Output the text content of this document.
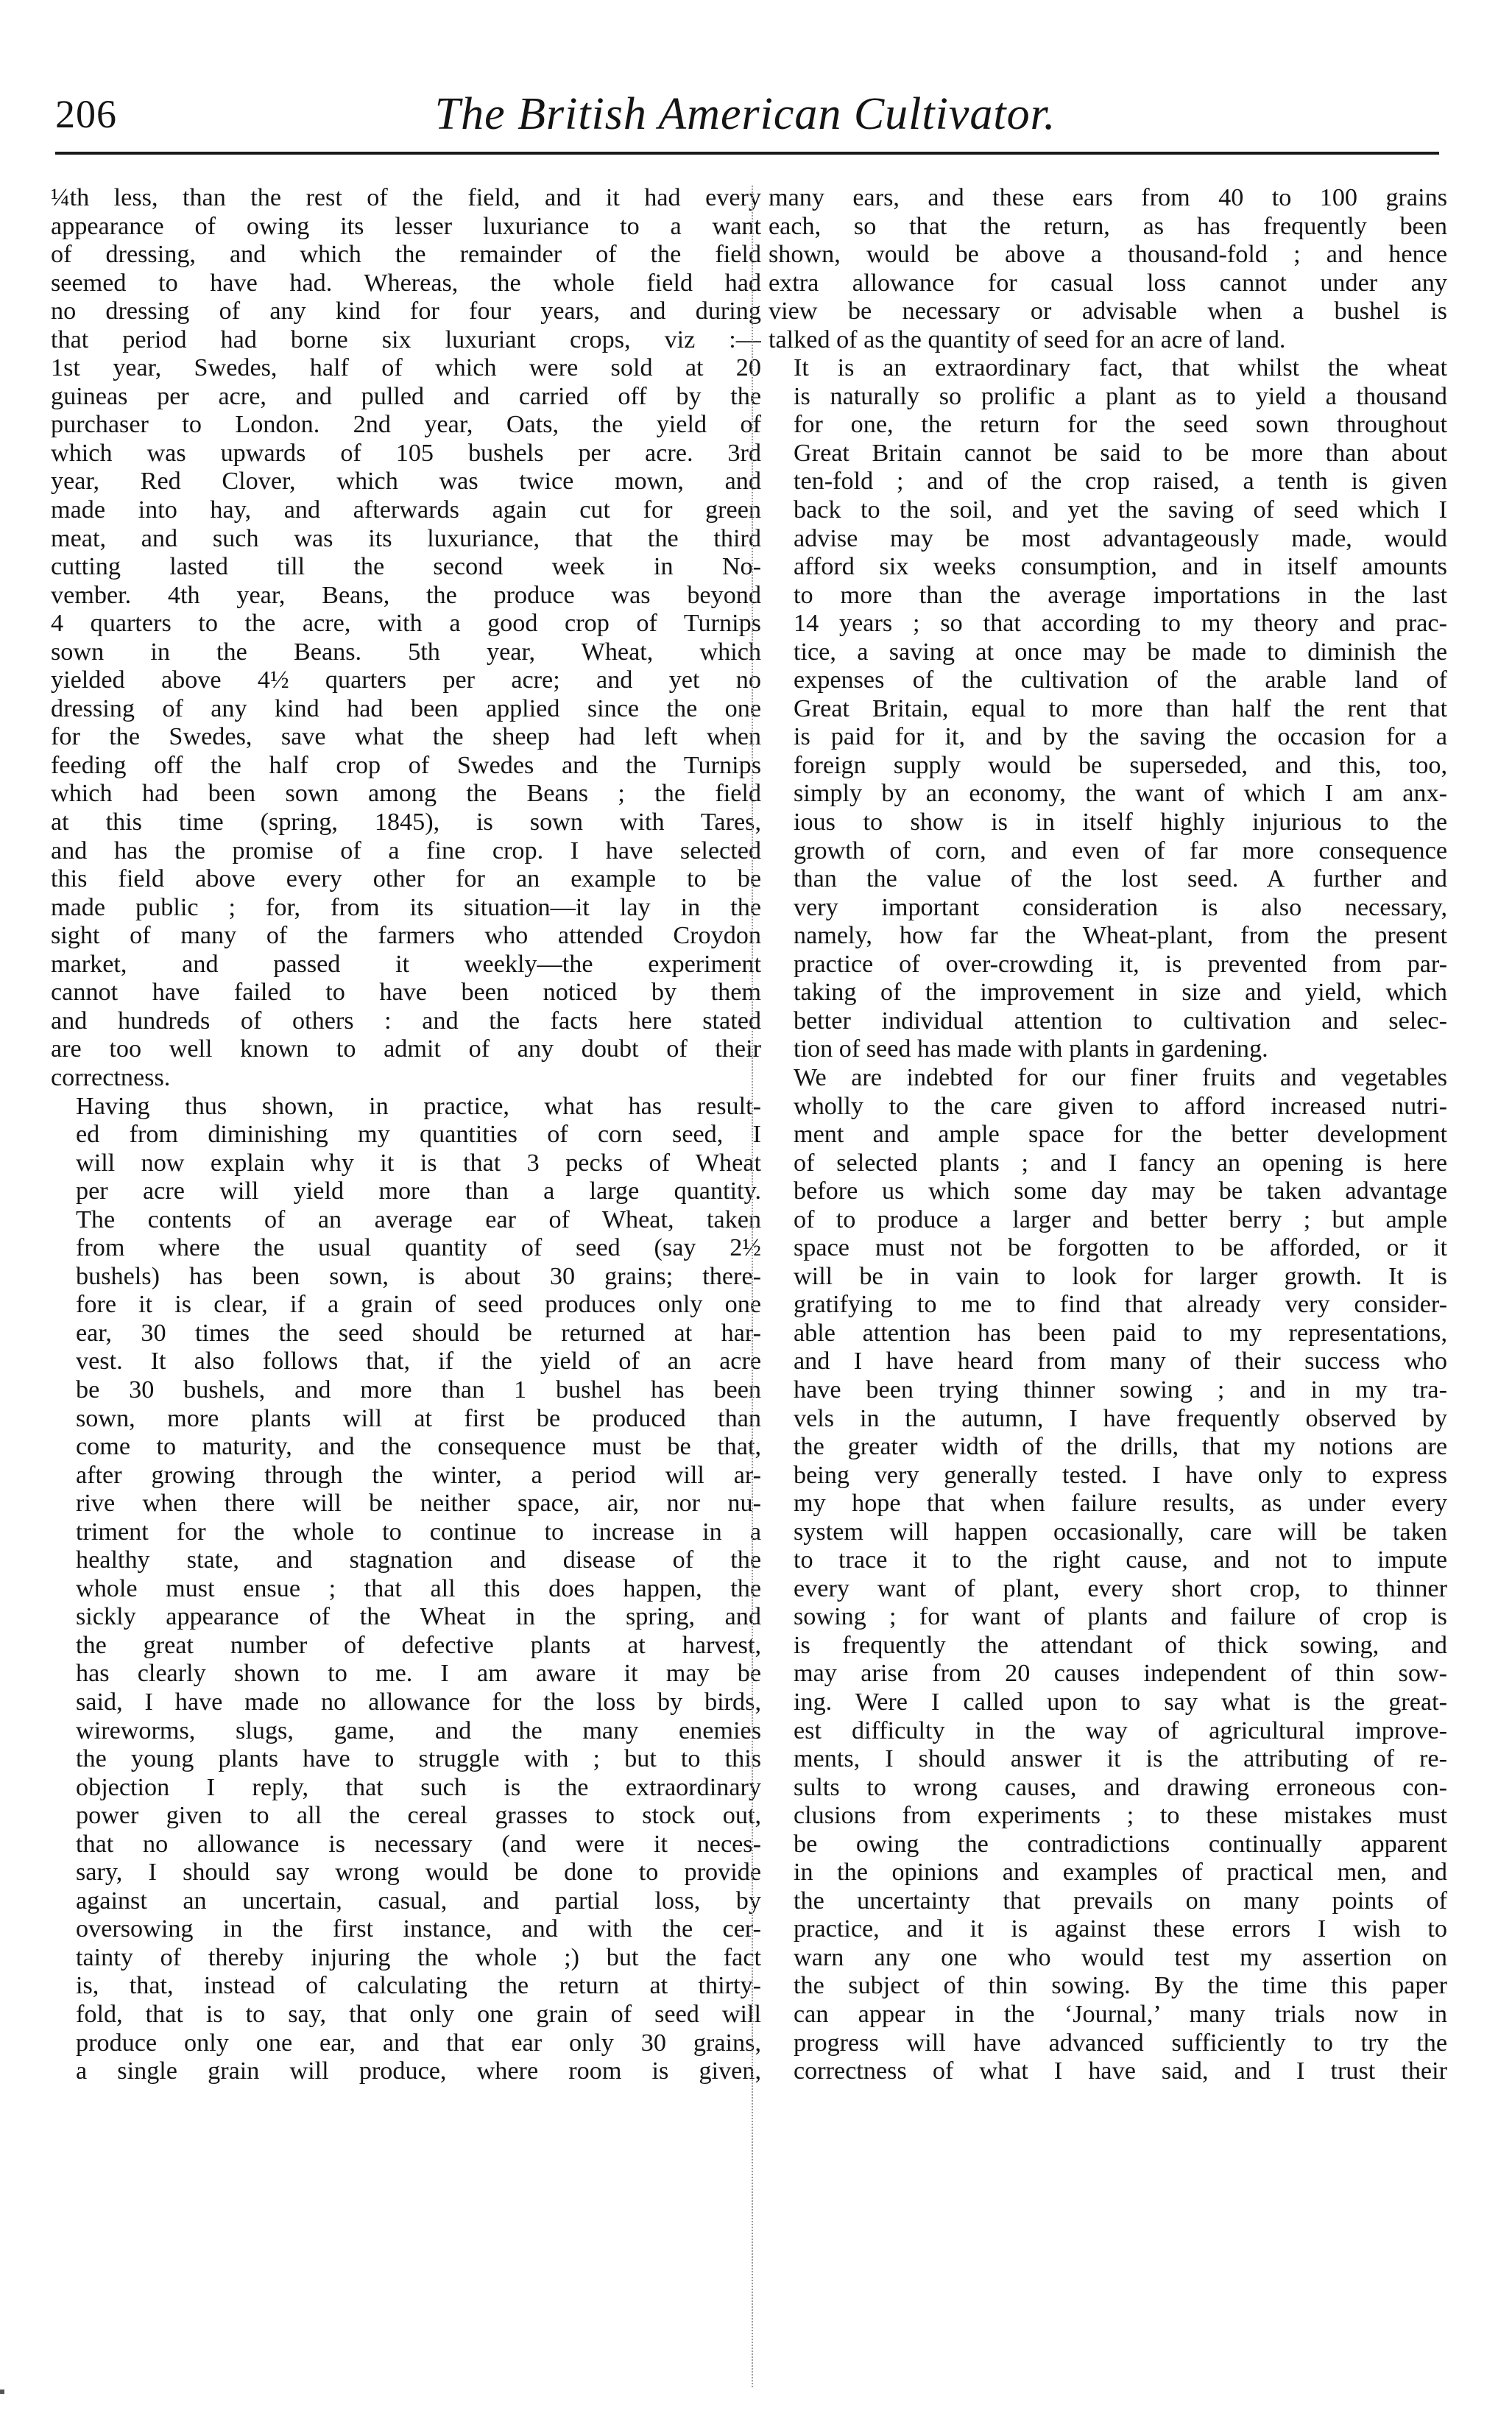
206	The British American Cultivator.

¼th less, than the rest of the field, and it had every
appearance of owing its lesser luxuriance to a want
of dressing, and which the remainder of the field
seemed to have had. Whereas, the whole field had
no dressing of any kind for four years, and during
that period had borne six luxuriant crops, viz :—
1st year, Swedes, half of which were sold at 20
guineas per acre, and pulled and carried off by the
purchaser to London. 2nd year, Oats, the yield of
which was upwards of 105 bushels per acre. 3rd
year, Red Clover, which was twice mown, and
made into hay, and afterwards again cut for green
meat, and such was its luxuriance, that the third
cutting lasted till the second week in No-
vember. 4th year, Beans, the produce was beyond
4 quarters to the acre, with a good crop of Turnips
sown in the Beans. 5th year, Wheat, which
yielded above 4½ quarters per acre; and yet no
dressing of any kind had been applied since the one
for the Swedes, save what the sheep had left when
feeding off the half crop of Swedes and the Turnips
which had been sown among the Beans ; the field
at this time (spring, 1845), is sown with Tares,
and has the promise of a fine crop. I have selected
this field above every other for an example to be
made public ; for, from its situation—it lay in the
sight of many of the farmers who attended Croydon
market, and passed it weekly—the experiment
cannot have failed to have been noticed by them
and hundreds of others : and the facts here stated
are too well known to admit of any doubt of their
correctness.

Having thus shown, in practice, what has result-
ed from diminishing my quantities of corn seed, I
will now explain why it is that 3 pecks of Wheat
per acre will yield more than a large quantity.
The contents of an average ear of Wheat, taken
from where the usual quantity of seed (say 2½
bushels) has been sown, is about 30 grains; there-
fore it is clear, if a grain of seed produces only one
ear, 30 times the seed should be returned at har-
vest. It also follows that, if the yield of an acre
be 30 bushels, and more than 1 bushel has been
sown, more plants will at first be produced than
come to maturity, and the consequence must be that,
after growing through the winter, a period will ar-
rive when there will be neither space, air, nor nu-
triment for the whole to continue to increase in a
healthy state, and stagnation and disease of the
whole must ensue ; that all this does happen, the
sickly appearance of the Wheat in the spring, and
the great number of defective plants at harvest,
has clearly shown to me. I am aware it may be
said, I have made no allowance for the loss by birds,
wireworms, slugs, game, and the many enemies
the young plants have to struggle with ; but to this
objection I reply, that such is the extraordinary
power given to all the cereal grasses to stock out,
that no allowance is necessary (and were it neces-
sary, I should say wrong would be done to provide
against an uncertain, casual, and partial loss, by
oversowing in the first instance, and with the cer-
tainty of thereby injuring the whole ;) but the fact
is, that, instead of calculating the return at thirty-
fold, that is to say, that only one grain of seed will
produce only one ear, and that ear only 30 grains,
a single grain will produce, where room is given,

many ears, and these ears from 40 to 100 grains
each, so that the return, as has frequently been
shown, would be above a thousand-fold ; and hence
extra allowance for casual loss cannot under any
view be necessary or advisable when a bushel is
talked of as the quantity of seed for an acre of land.

It is an extraordinary fact, that whilst the wheat
is naturally so prolific a plant as to yield a thousand
for one, the return for the seed sown throughout
Great Britain cannot be said to be more than about
ten-fold ; and of the crop raised, a tenth is given
back to the soil, and yet the saving of seed which I
advise may be most advantageously made, would
afford six weeks consumption, and in itself amounts
to more than the average importations in the last
14 years ; so that according to my theory and prac-
tice, a saving at once may be made to diminish the
expenses of the cultivation of the arable land of
Great Britain, equal to more than half the rent that
is paid for it, and by the saving the occasion for a
foreign supply would be superseded, and this, too,
simply by an economy, the want of which I am anx-
ious to show is in itself highly injurious to the
growth of corn, and even of far more consequence
than the value of the lost seed. A further and
very important consideration is also necessary,
namely, how far the Wheat-plant, from the present
practice of over-crowding it, is prevented from par-
taking of the improvement in size and yield, which
better individual attention to cultivation and selec-
tion of seed has made with plants in gardening.

We are indebted for our finer fruits and vegetables
wholly to the care given to afford increased nutri-
ment and ample space for the better development
of selected plants ; and I fancy an opening is here
before us which some day may be taken advantage
of to produce a larger and better berry ; but ample
space must not be forgotten to be afforded, or it
will be in vain to look for larger growth. It is
gratifying to me to find that already very consider-
able attention has been paid to my representations,
and I have heard from many of their success who
have been trying thinner sowing ; and in my tra-
vels in the autumn, I have frequently observed by
the greater width of the drills, that my notions are
being very generally tested. I have only to express
my hope that when failure results, as under every
system will happen occasionally, care will be taken
to trace it to the right cause, and not to impute
every want of plant, every short crop, to thinner
sowing ; for want of plants and failure of crop is
is frequently the attendant of thick sowing, and
may arise from 20 causes independent of thin sow-
ing. Were I called upon to say what is the great-
est difficulty in the way of agricultural improve-
ments, I should answer it is the attributing of re-
sults to wrong causes, and drawing erroneous con-
clusions from experiments ; to these mistakes must
be owing the contradictions continually apparent
in the opinions and examples of practical men, and
the uncertainty that prevails on many points of
practice, and it is against these errors I wish to
warn any one who would test my assertion on
the subject of thin sowing. By the time this paper
can appear in the ‘Journal,’ many trials now in
progress will have advanced sufficiently to try the
correctness of what I have said, and I trust their
